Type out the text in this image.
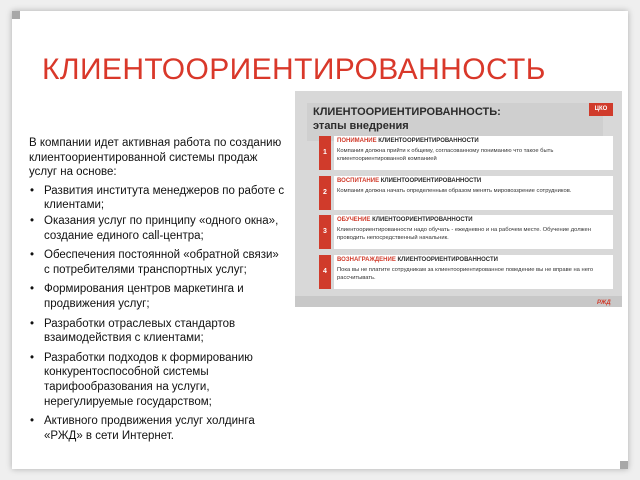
КЛИЕНТООРИЕНТИРОВАННОСТЬ
В компании идет активная работа по созданию клиентоориентированной системы продаж услуг на основе:
• Развития института менеджеров по работе с клиентами;
• Оказания услуг по принципу «одного окна», создание единого call-центра;
• Обеспечения постоянной «обратной связи» с потребителями транспортных услуг;
• Формирования центров маркетинга и продвижения услуг;
• Разработки отраслевых стандартов взаимодействия с клиентами;
• Разработки подходов к формированию конкурентоспособной системы тарифообразования на услуги, нерегулируемые государством;
• Активного продвижения услуг холдинга «РЖД» в сети Интернет.
КЛИЕНТООРИЕНТИРОВАННОСТЬ:
этапы внедрения
ЦКО
1
ПОНИМАНИЕ КЛИЕНТООРИЕНТИРОВАННОСТИ
Компания должна прийти к общему, согласованному пониманию что такое быть клиентоориентированной компанией
2
ВОСПИТАНИЕ КЛИЕНТООРИЕНТИРОВАННОСТИ
Компания должна начать определенным образом менять мировоззрение сотрудников.
3
ОБУЧЕНИЕ КЛИЕНТООРИЕНТИРОВАННОСТИ
Клиентоориентированности надо обучать - ежедневно и на рабочем месте. Обучение должен проводить непосредственный начальник.
4
ВОЗНАГРАЖДЕНИЕ КЛИЕНТООРИЕНТИРОВАННОСТИ
Пока вы не платите сотрудникам за клиентоориентированное поведение вы не вправе на него рассчитывать.
РЖД
